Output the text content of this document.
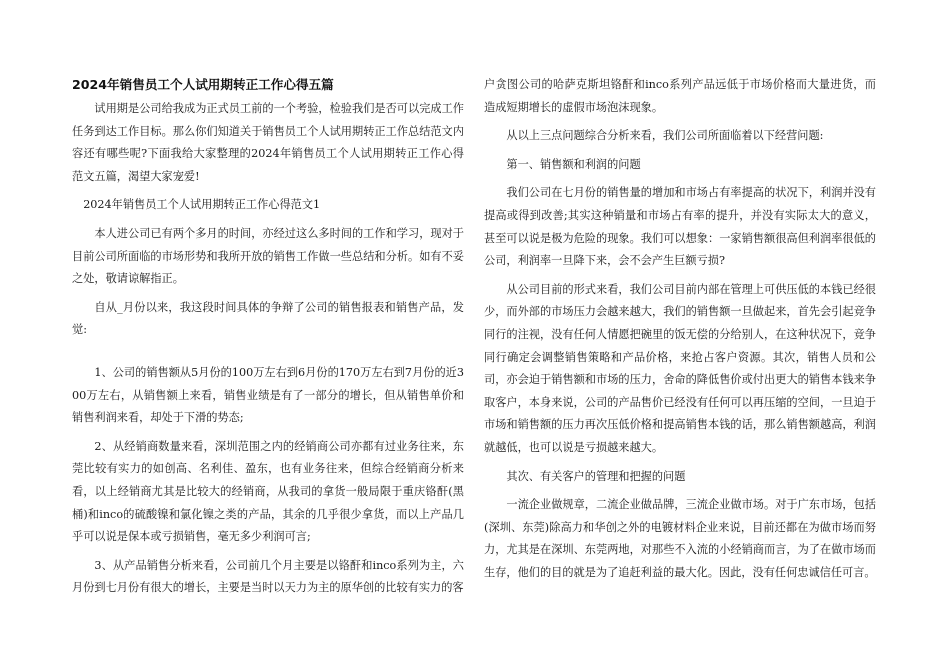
2024年销售员工个人试用期转正工作心得五篇

试用期是公司给我成为正式员工前的一个考验，检验我们是否可以完成工作任务到达工作目标。那么你们知道关于销售员工个人试用期转正工作总结范文内容还有哪些呢?下面我给大家整理的2024年销售员工个人试用期转正工作心得范文五篇，渴望大家宠爱!

2024年销售员工个人试用期转正工作心得范文1

本人进公司已有两个多月的时间，亦经过这么多时间的工作和学习，现对于目前公司所面临的市场形势和我所开放的销售工作做一些总结和分析。如有不妥之处，敬请谅解指正。

自从_月份以来，我这段时间具体的争辩了公司的销售报表和销售产品，发觉:

1、公司的销售额从5月份的100万左右到6月份的170万左右到7月份的近300万左右，从销售额上来看，销售业绩是有了一部分的增长，但从销售单价和销售利润来看，却处于下滑的势态;

2、从经销商数量来看，深圳范围之内的经销商公司亦都有过业务往来，东莞比较有实力的如创高、名利佳、盈东，也有业务往来，但综合经销商分析来看，以上经销商尤其是比较大的经销商，从我司的拿货一般局限于重庆铬酐(黑桶)和inco的硫酸镍和氯化镍之类的产品，其余的几乎很少拿货，而以上产品几乎可以说是保本或亏损销售，毫无多少利润可言;

3、从产品销售分析来看，公司前几个月主要是以铬酐和inco系列为主，六月份到七月份有很大的增长，主要是当时以天力为主的原华创的比较有实力的客

户贪图公司的哈萨克斯坦铬酐和inco系列产品远低于市场价格而大量进货，而造成短期增长的虚假市场泡沫现象。

从以上三点问题综合分析来看，我们公司所面临着以下经营问题:

第一、销售额和利润的问题

我们公司在七月份的销售量的增加和市场占有率提高的状况下，利润并没有提高或得到改善;其实这种销量和市场占有率的提升，并没有实际太大的意义，甚至可以说是极为危险的现象。我们可以想象：一家销售额很高但利润率很低的公司，利润率一旦降下来，会不会产生巨额亏损?

从公司目前的形式来看，我们公司目前内部在管理上可供压低的本钱已经很少，而外部的市场压力会越来越大，我们的销售额一旦做起来，首先会引起竞争同行的注视，没有任何人情愿把碗里的饭无偿的分给别人，在这种状况下，竞争同行确定会调整销售策略和产品价格，来抢占客户资源。其次，销售人员和公司，亦会迫于销售额和市场的压力，舍命的降低售价或付出更大的销售本钱来争取客户，本身来说，公司的产品售价已经没有任何可以再压缩的空间，一旦迫于市场和销售额的压力再次压低价格和提高销售本钱的话，那么销售额越高，利润就越低，也可以说是亏损越来越大。

其次、有关客户的管理和把握的问题

一流企业做规章，二流企业做品牌，三流企业做市场。对于广东市场，包括(深圳、东莞)除高力和华创之外的电镀材料企业来说，目前还都在为做市场而努力，尤其是在深圳、东莞两地，对那些不入流的小经销商而言，为了在做市场而生存，他们的目的就是为了追赶利益的最大化。因此，没有任何忠诚信任可言。
